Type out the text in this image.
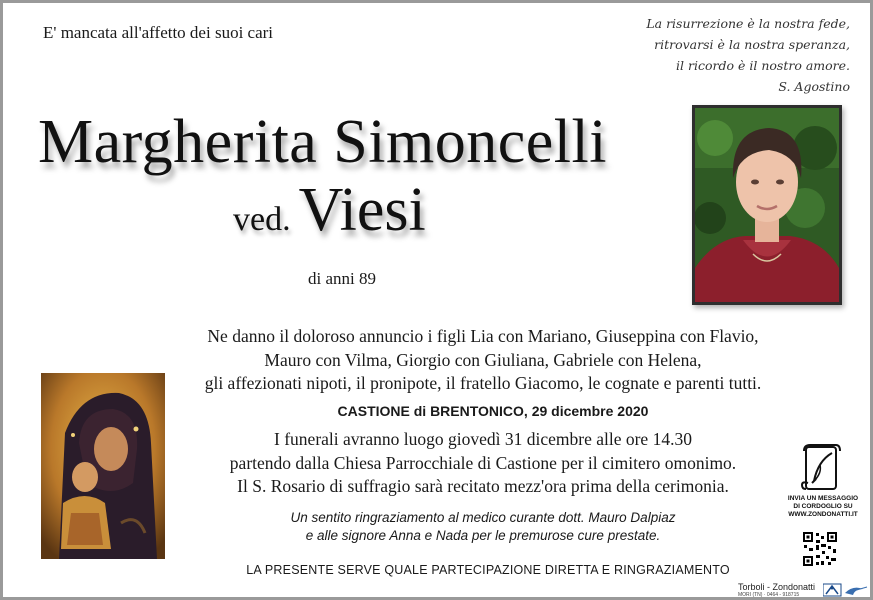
E' mancata all'affetto dei suoi cari	La risurrezione è la nostra fede,
ritrovarsi è la nostra speranza,
il ricordo è il nostro amore.
S. Agostino
Margherita Simoncelli
ved. Viesi
di anni 89
Ne danno il doloroso annuncio i figli Lia con Mariano, Giuseppina con Flavio,
Mauro con Vilma, Giorgio con Giuliana, Gabriele con Helena,
gli affezionati nipoti, il pronipote, il fratello Giacomo, le cognate e parenti tutti.
CASTIONE di BRENTONICO, 29 dicembre 2020
I funerali avranno luogo giovedì 31 dicembre alle ore 14.30
partendo dalla Chiesa Parrocchiale di Castione per il cimitero omonimo.
Il S. Rosario di suffragio sarà recitato mezz'ora prima della cerimonia.
Un sentito ringraziamento al medico curante dott. Mauro Dalpiaz
e alle signore Anna e Nada per le premurose cure prestate.
LA PRESENTE SERVE QUALE PARTECIPAZIONE DIRETTA E RINGRAZIAMENTO
INVIA UN MESSAGGIO
DI CORDOGLIO SU
WWW.ZONDONATTI.IT
Torboli - Zondonatti
MORI (TN) · 0464 - 918715
